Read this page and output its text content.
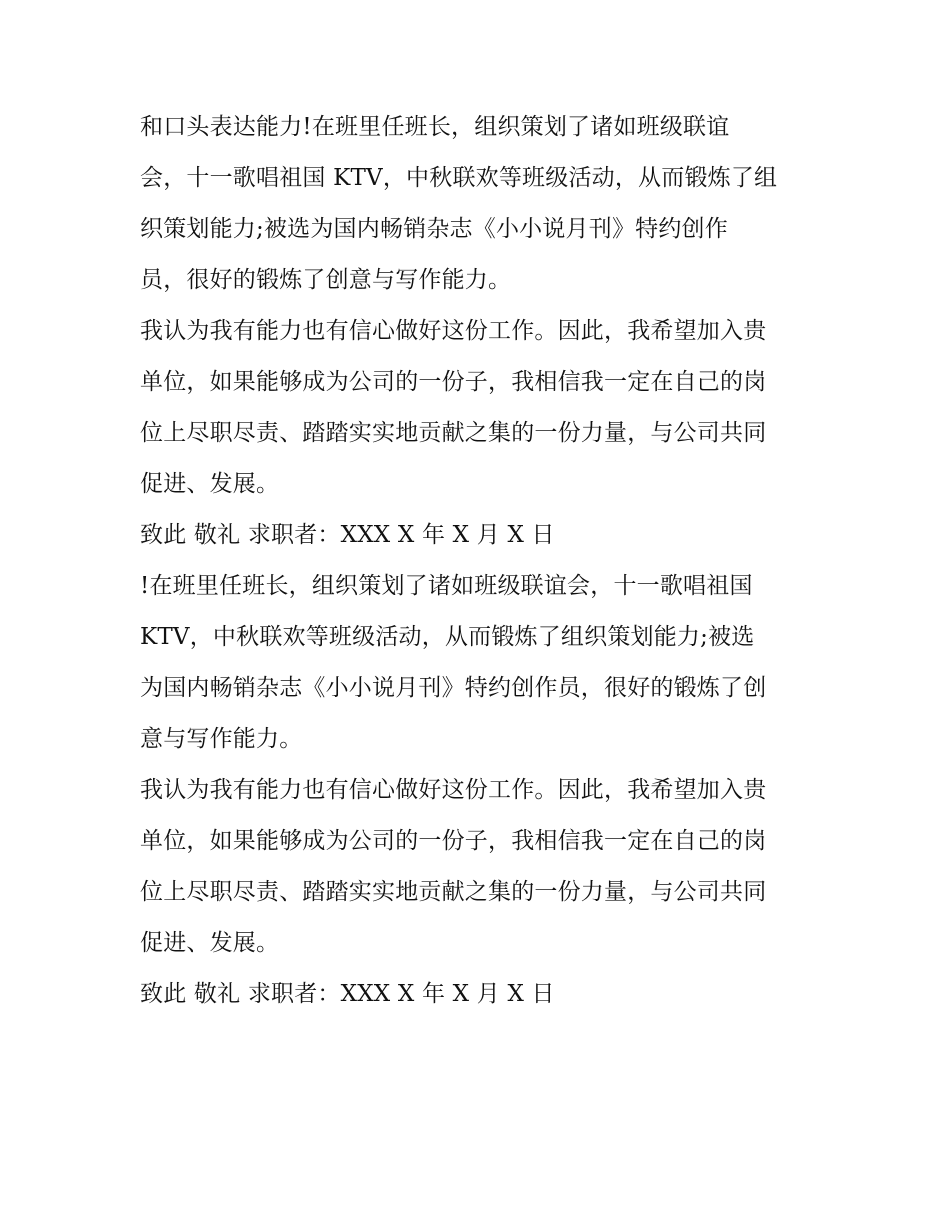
和口头表达能力!在班里任班长，组织策划了诸如班级联谊
会，十一歌唱祖国 KTV，中秋联欢等班级活动，从而锻炼了组
织策划能力;被选为国内畅销杂志《小小说月刊》特约创作
员，很好的锻炼了创意与写作能力。
我认为我有能力也有信心做好这份工作。因此，我希望加入贵
单位，如果能够成为公司的一份子，我相信我一定在自己的岗
位上尽职尽责、踏踏实实地贡献之集的一份力量，与公司共同
促进、发展。
致此 敬礼 求职者：XXX X 年 X 月 X 日
!在班里任班长，组织策划了诸如班级联谊会，十一歌唱祖国
KTV，中秋联欢等班级活动，从而锻炼了组织策划能力;被选
为国内畅销杂志《小小说月刊》特约创作员，很好的锻炼了创
意与写作能力。
我认为我有能力也有信心做好这份工作。因此，我希望加入贵
单位，如果能够成为公司的一份子，我相信我一定在自己的岗
位上尽职尽责、踏踏实实地贡献之集的一份力量，与公司共同
促进、发展。
致此 敬礼 求职者：XXX X 年 X 月 X 日
